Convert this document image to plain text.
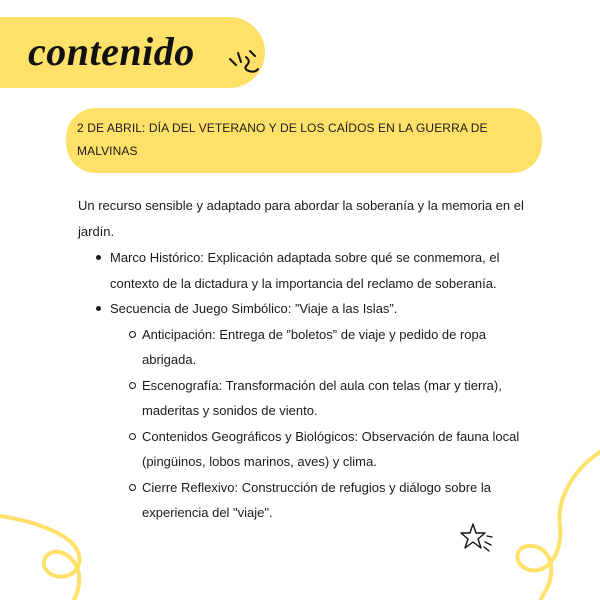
contenido
2 DE ABRIL: DÍA DEL VETERANO Y DE LOS CAÍDOS EN LA GUERRA DE MALVINAS

Un recurso sensible y adaptado para abordar la soberanía y la memoria en el jardín.

Marco Histórico: Explicación adaptada sobre qué se conmemora, el contexto de la dictadura y la importancia del reclamo de soberanía.
Secuencia de Juego Simbólico: ”Viaje a las Islas”.
Anticipación: Entrega de ”boletos” de viaje y pedido de ropa abrigada.
Escenografía: Transformación del aula con telas (mar y tierra), maderitas y sonidos de viento.
Contenidos Geográficos y Biológicos: Observación de fauna local (pingüinos, lobos marinos, aves) y clima.
Cierre Reflexivo: Construcción de refugios y diálogo sobre la experiencia del "viaje".
